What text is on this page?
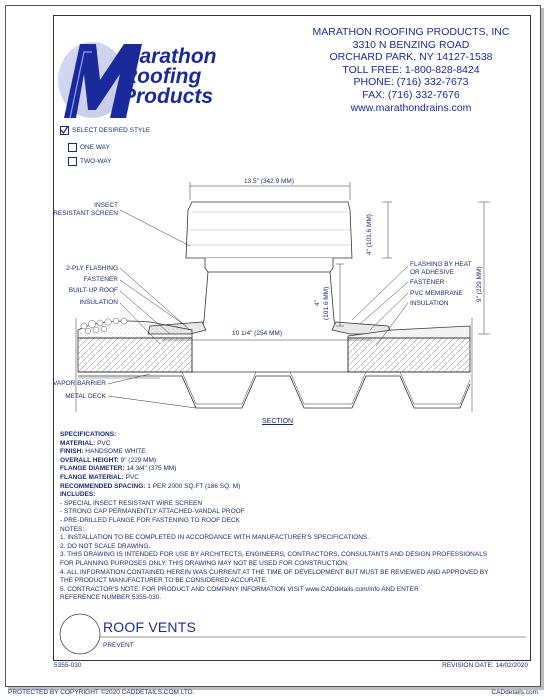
Marathon
Roofing
Products
MARATHON ROOFING PRODUCTS, INC
3310 N BENZING ROAD
ORCHARD PARK, NY 14127-1538
TOLL FREE: 1-800-828-8424
PHONE: (716) 332-7673
FAX: (716) 332-7676
www.marathondrains.com
SELECT DESIRED STYLE
ONE WAY
TWO-WAY
13.5" (342.9 MM)
10 1/4" (254 MM)
4" (101.6 MM)
9" (229 MM)
4" (101.6 MM)
INSECT
RESISTANT SCREEN
2-PLY FLASHING
FASTENER
BUILT-UP ROOF
INSULATION
VAPOR BARRIER
METAL DECK
FLASHING BY HEAT
OR ADHESIVE
FASTENER
PVC MEMBRANE
INSULATION
SECTION
SPECIFICATIONS:
MATERIAL: PVC
FINISH: HANDSOME WHITE
OVERALL HEIGHT: 9" (229 MM)
FLANGE DIAMETER: 14 3/4" (375 MM)
FLANGE MATERIAL: PVC
RECOMMENDED SPACING: 1 PER 2000 SQ.FT (186 SQ. M)
INCLUDES:
- SPECIAL INSECT RESISTANT WIRE SCREEN
- STRONG CAP PERMANENTLY ATTACHED-VANDAL PROOF
- PRE-DRILLED FLANGE FOR FASTENING TO ROOF DECK
NOTES:
1. INSTALLATION TO BE COMPLETED IN ACCORDANCE WITH MANUFACTURER'S SPECIFICATIONS.
2. DO NOT SCALE DRAWING.
3. THIS DRAWING IS INTENDED FOR USE BY ARCHITECTS, ENGINEERS, CONTRACTORS, CONSULTANTS AND DESIGN PROFESSIONALS
FOR PLANNING PURPOSES ONLY. THIS DRAWING MAY NOT BE USED FOR CONSTRUCTION.
4. ALL INFORMATION CONTAINED HEREIN WAS CURRENT AT THE TIME OF DEVELOPMENT BUT MUST BE REVIEWED AND APPROVED BY
THE PRODUCT MANUFACTURER TO BE CONSIDERED ACCURATE.
5. CONTRACTOR'S NOTE: FOR PRODUCT AND COMPANY INFORMATION VISIT www.CADdetails.com/info AND ENTER
REFERENCE NUMBER 5355-030.
ROOF VENTS
PREVENT
5355-030	REVISION DATE: 14/02/2020
PROTECTED BY COPYRIGHT ©2020 CADDETAILS.COM LTD.	CADdetails.com
